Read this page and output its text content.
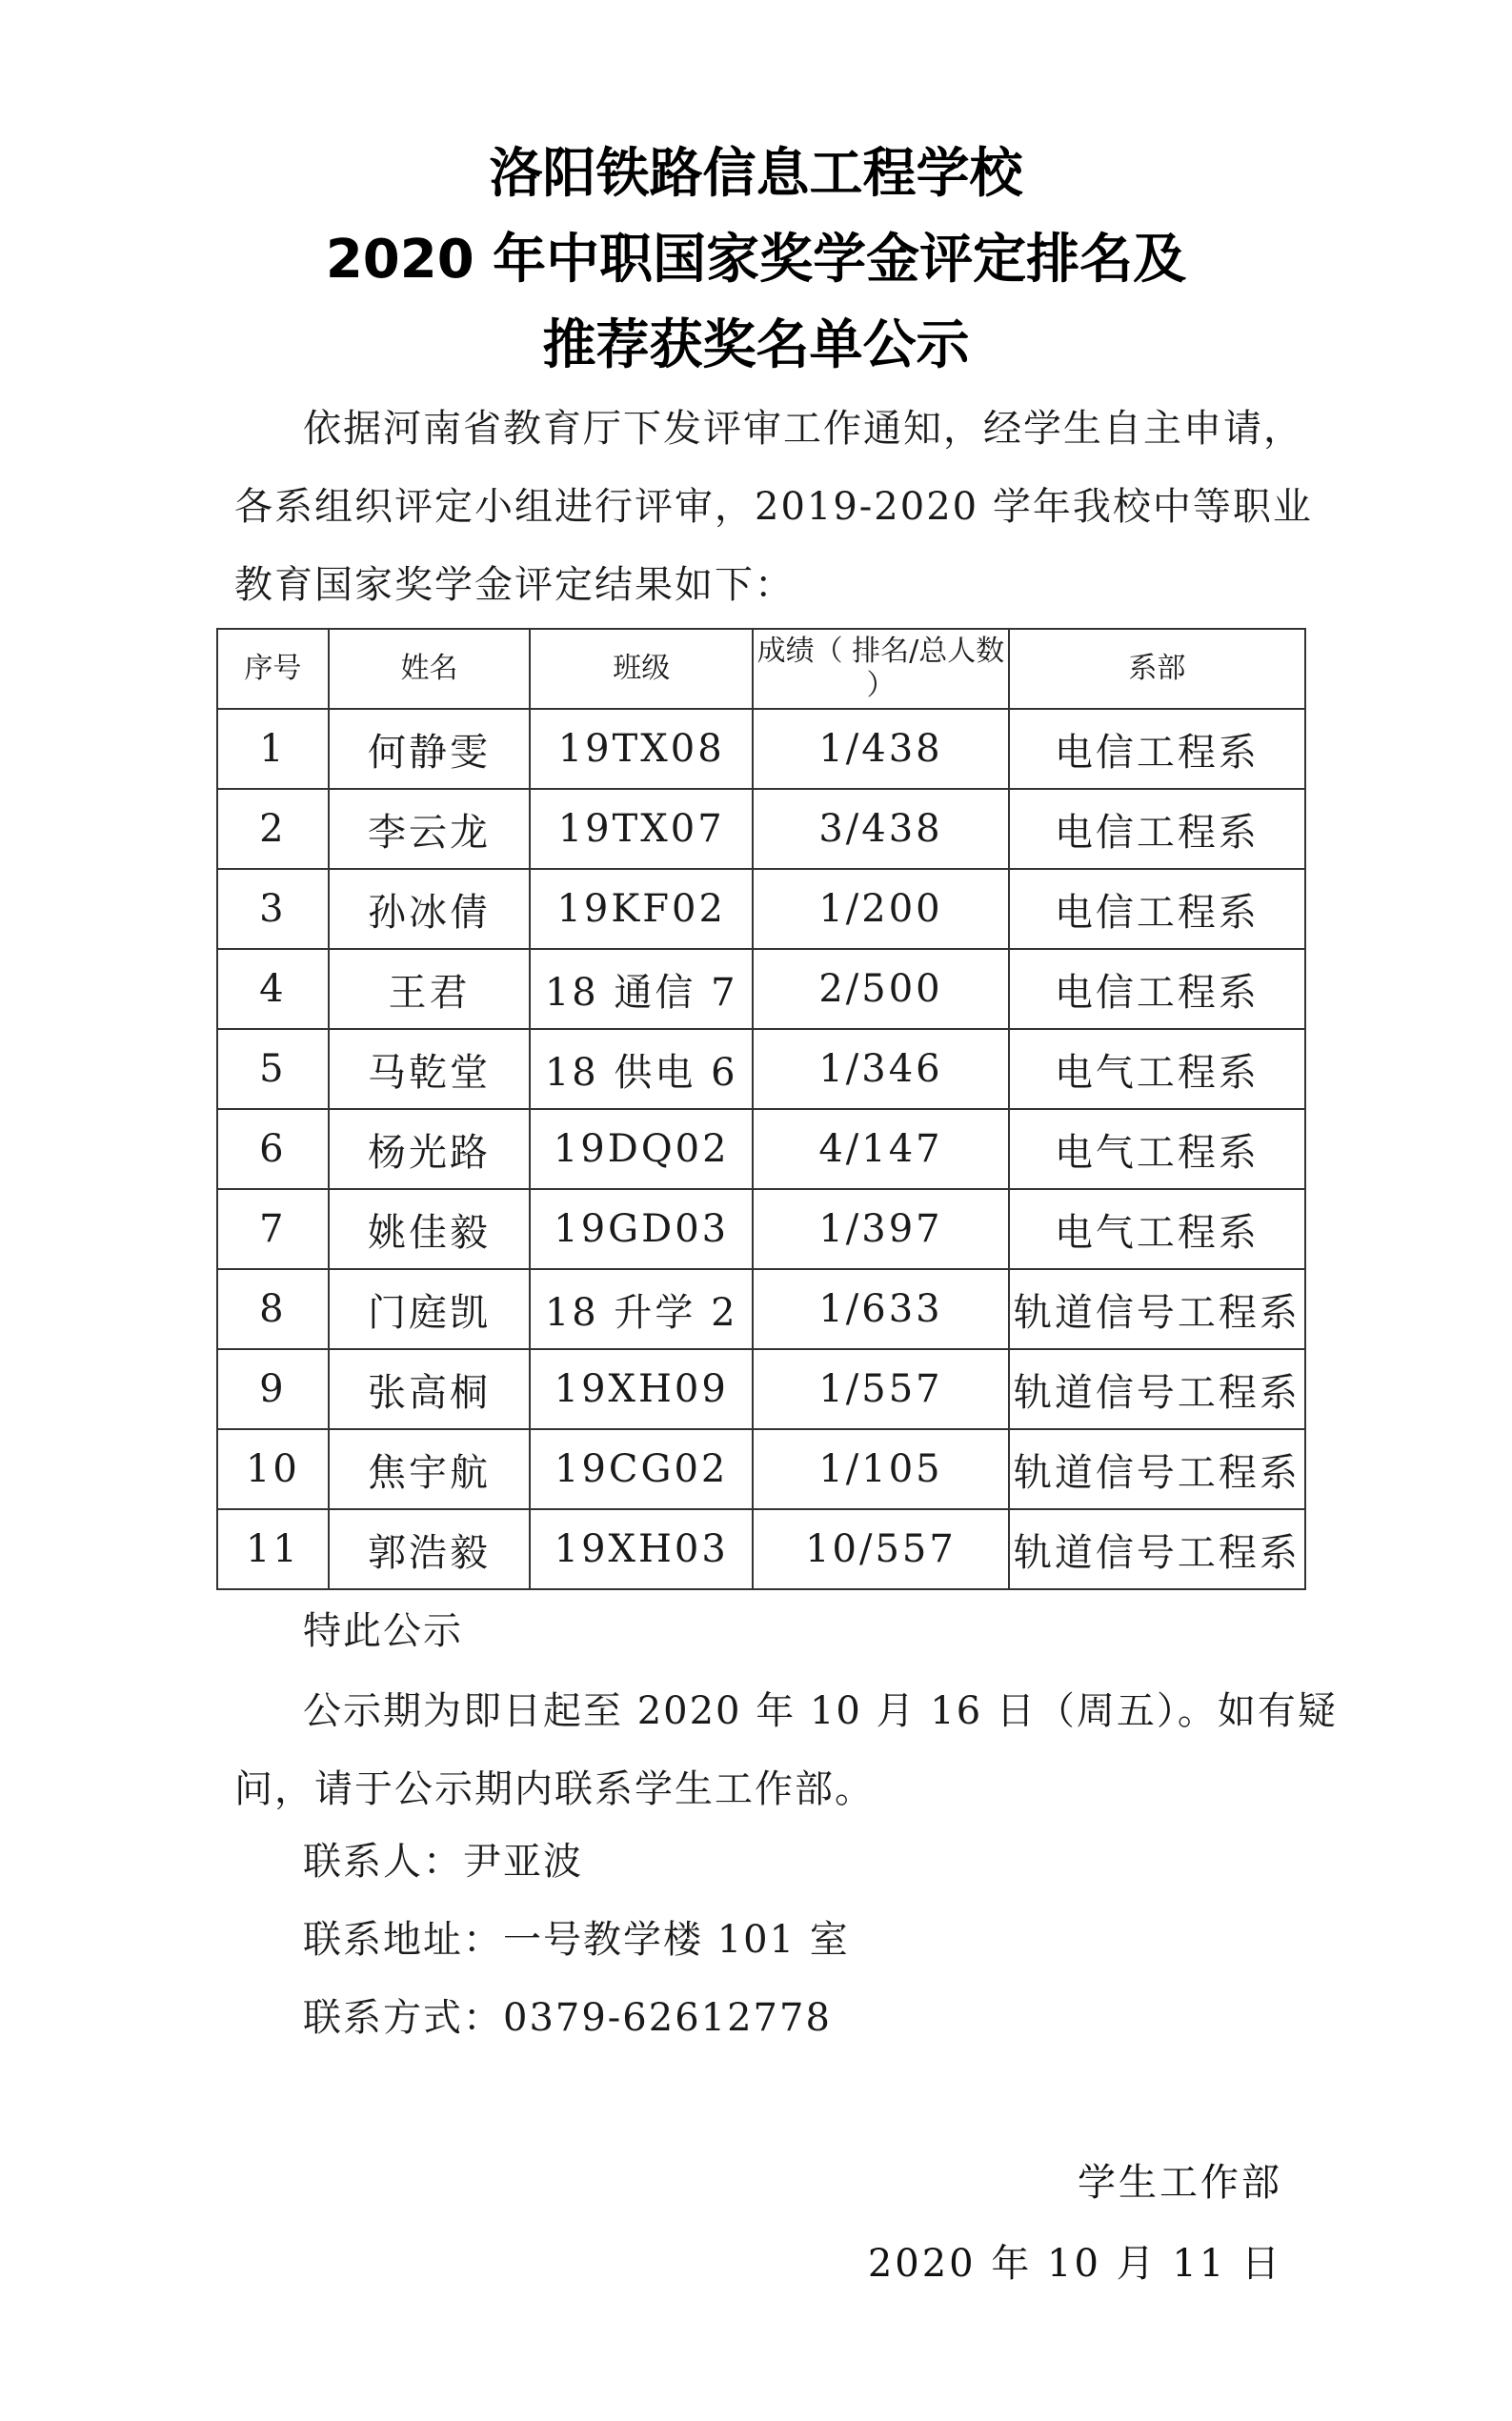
洛阳铁路信息工程学校
2020 年中职国家奖学金评定排名及
推荐获奖名单公示
依据河南省教育厅下发评审工作通知，经学生自主申请，
各系组织评定小组进行评审，2019-2020 学年我校中等职业
教育国家奖学金评定结果如下：
序号	姓名	班级	成绩（ 排名/总人数 ）	系部
1	何静雯	19TX08	1/438	电信工程系
2	李云龙	19TX07	3/438	电信工程系
3	孙冰倩	19KF02	1/200	电信工程系
4	王君	18 通信 7	2/500	电信工程系
5	马乾堂	18 供电 6	1/346	电气工程系
6	杨光路	19DQ02	4/147	电气工程系
7	姚佳毅	19GD03	1/397	电气工程系
8	门庭凯	18 升学 2	1/633	轨道信号工程系
9	张高桐	19XH09	1/557	轨道信号工程系
10	焦宇航	19CG02	1/105	轨道信号工程系
11	郭浩毅	19XH03	10/557	轨道信号工程系
特此公示
公示期为即日起至 2020 年 10 月 16 日（周五）。如有疑
问，请于公示期内联系学生工作部。
联系人：尹亚波
联系地址：一号教学楼 101 室
联系方式：0379-62612778
学生工作部
2020 年 10 月 11 日
